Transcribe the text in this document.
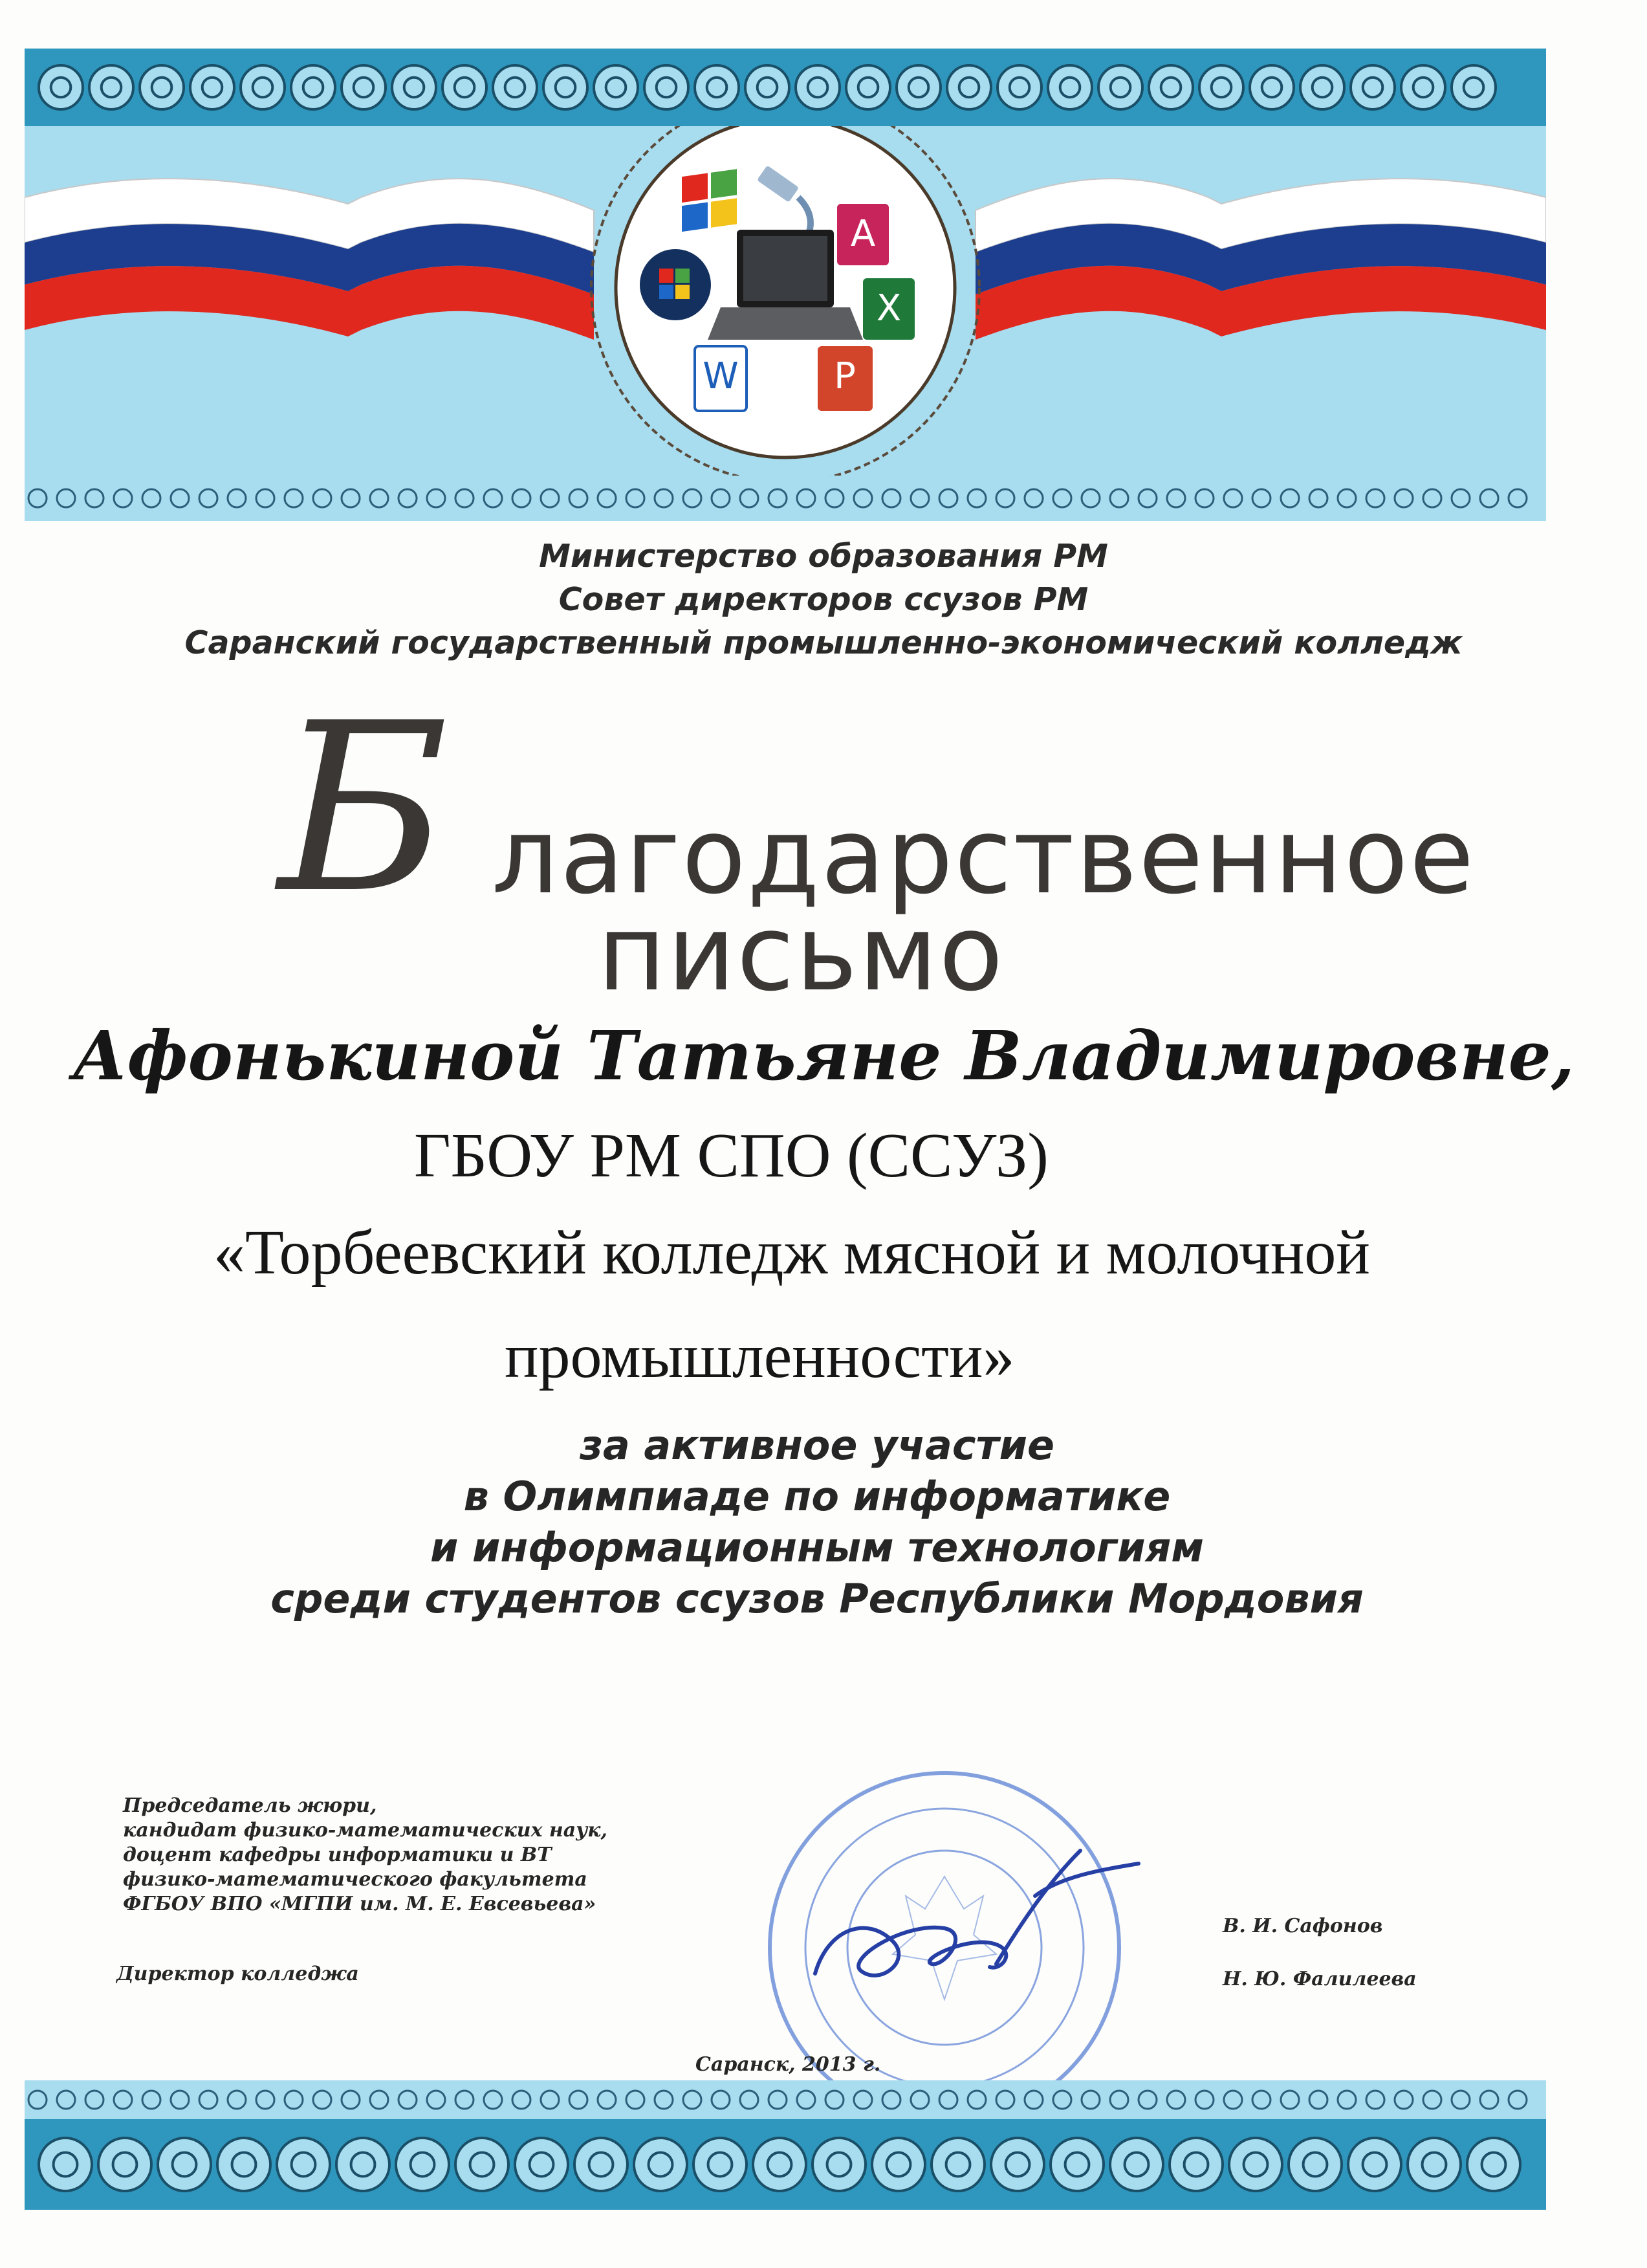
A
X
W	P
Министерство образования РМ
Совет директоров ссузов РМ
Саранский государственный промышленно-экономический колледж
Б лагодарственное
письмо
Афонькиной Татьяне Владимировне,
ГБОУ РМ СПО (ССУЗ)
«Торбеевский колледж мясной и молочной
промышленности»
за активное участие
в Олимпиаде по информатике
и информационным технологиям
среди студентов ссузов Республики Мордовия
Председатель жюри,
кандидат физико-математических наук,
доцент кафедры информатики и ВТ
физико-математического факультета
ФГБОУ ВПО «МГПИ им. М. Е. Евсевьева»
Директор колледжа
В. И. Сафонов
Н. Ю. Фалилеева
Саранск, 2013 г.
